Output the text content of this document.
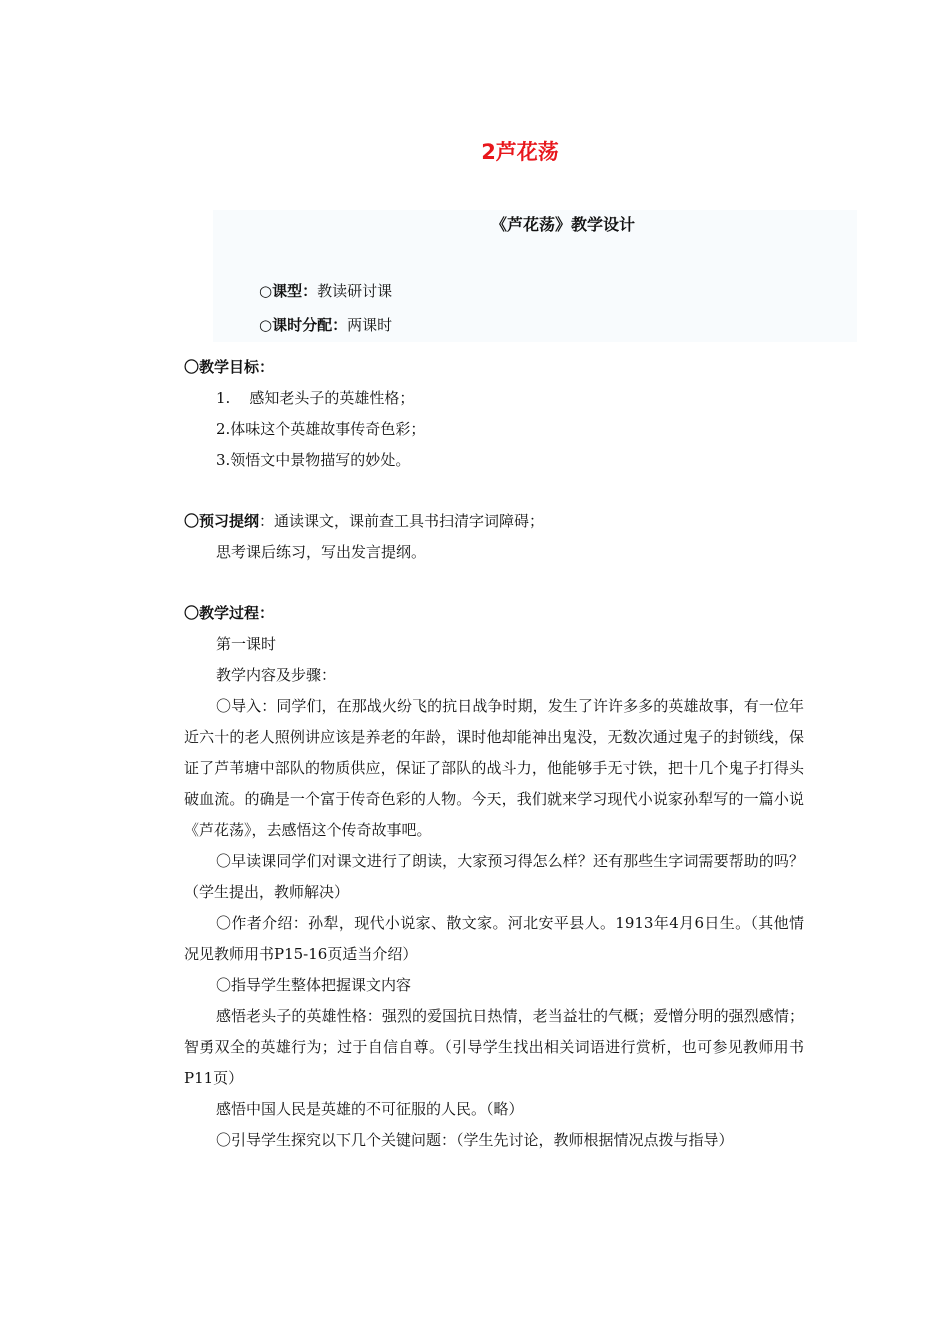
2芦花荡
《芦花荡》教学设计
○课型：教读研讨课
○课时分配：两课时

〇教学目标：

1.    感知老头子的英雄性格；

2.体味这个英雄故事传奇色彩；

3.领悟文中景物描写的妙处。

〇预习提纲：通读课文，课前查工具书扫清字词障碍；

思考课后练习，写出发言提纲。

〇教学过程：

第一课时

教学内容及步骤：

〇导入：同学们，在那战火纷飞的抗日战争时期，发生了许许多多的英雄故事，有一位年近六十的老人照例讲应该是养老的年龄，课时他却能神出鬼没，无数次通过鬼子的封锁线，保证了芦苇塘中部队的物质供应，保证了部队的战斗力，他能够手无寸铁，把十几个鬼子打得头破血流。的确是一个富于传奇色彩的人物。今天，我们就来学习现代小说家孙犁写的一篇小说《芦花荡》，去感悟这个传奇故事吧。

〇早读课同学们对课文进行了朗读，大家预习得怎么样？还有那些生字词需要帮助的吗？（学生提出，教师解决）

〇作者介绍：孙犁，现代小说家、散文家。河北安平县人。1913年4月6日生。（其他情况见教师用书P15-16页适当介绍）

〇指导学生整体把握课文内容

感悟老头子的英雄性格：强烈的爱国抗日热情，老当益壮的气概；爱憎分明的强烈感情；智勇双全的英雄行为；过于自信自尊。（引导学生找出相关词语进行赏析，也可参见教师用书P11页）

感悟中国人民是英雄的不可征服的人民。（略）

〇引导学生探究以下几个关键问题：（学生先讨论，教师根据情况点拨与指导）
